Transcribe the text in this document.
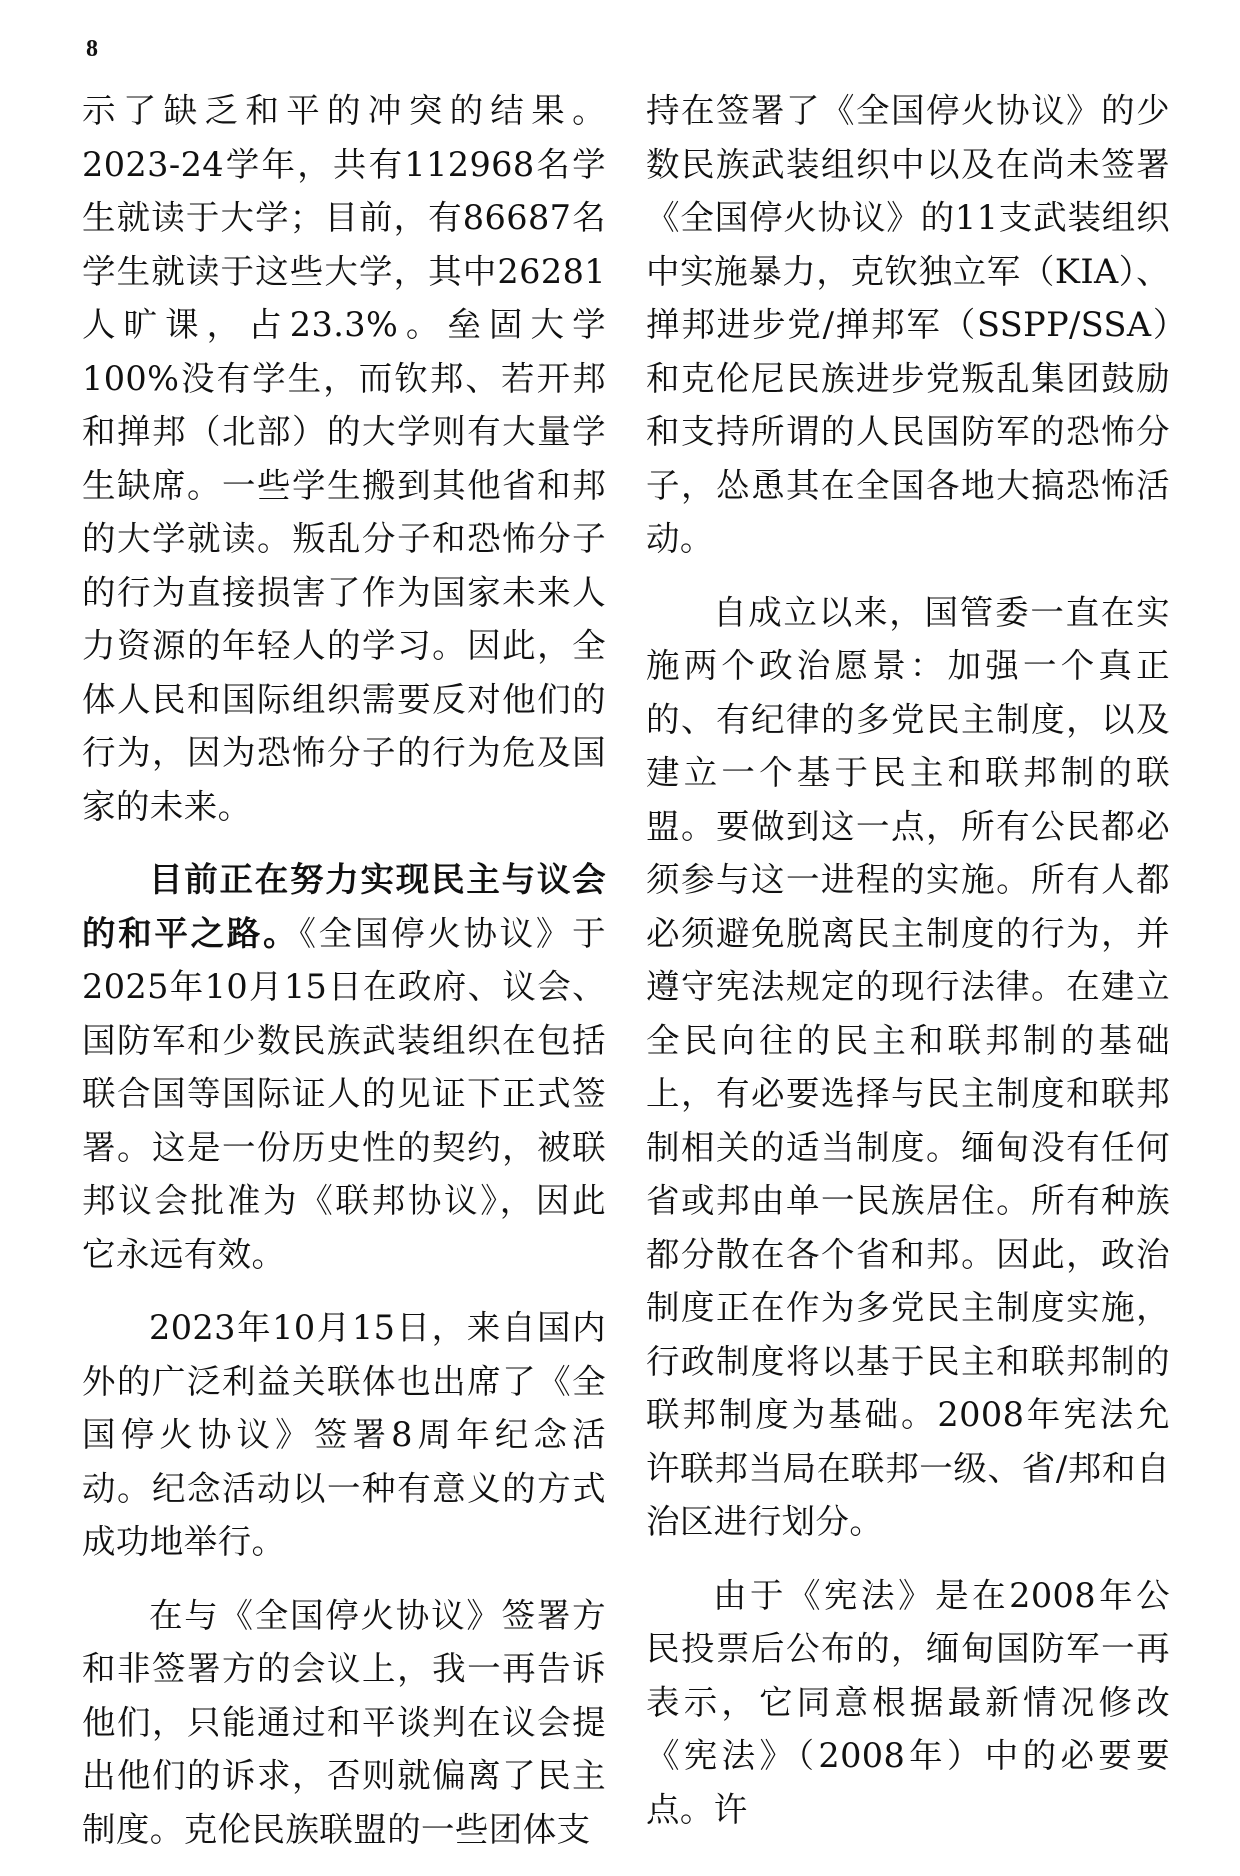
8

示了缺乏和平的冲突的结果。2023-24学年，共有112968名学生就读于大学；目前，有86687名学生就读于这些大学，其中26281人旷课，占23.3%。垒固大学100%没有学生，而钦邦、若开邦和掸邦（北部）的大学则有大量学生缺席。一些学生搬到其他省和邦的大学就读。叛乱分子和恐怖分子的行为直接损害了作为国家未来人力资源的年轻人的学习。因此，全体人民和国际组织需要反对他们的行为，因为恐怖分子的行为危及国家的未来。

目前正在努力实现民主与议会的和平之路。《全国停火协议》于2025年10月15日在政府、议会、国防军和少数民族武装组织在包括联合国等国际证人的见证下正式签署。这是一份历史性的契约，被联邦议会批准为《联邦协议》，因此它永远有效。

2023年10月15日，来自国内外的广泛利益关联体也出席了《全国停火协议》签署8周年纪念活动。纪念活动以一种有意义的方式成功地举行。

在与《全国停火协议》签署方和非签署方的会议上，我一再告诉他们，只能通过和平谈判在议会提出他们的诉求，否则就偏离了民主制度。克伦民族联盟的一些团体支

持在签署了《全国停火协议》的少数民族武装组织中以及在尚未签署《全国停火协议》的11支武装组织中实施暴力，克钦独立军（KIA）、掸邦进步党/掸邦军（SSPP/SSA）和克伦尼民族进步党叛乱集团鼓励和支持所谓的人民国防军的恐怖分子，怂恿其在全国各地大搞恐怖活动。

自成立以来，国管委一直在实施两个政治愿景：加强一个真正的、有纪律的多党民主制度，以及建立一个基于民主和联邦制的联盟。要做到这一点，所有公民都必须参与这一进程的实施。所有人都必须避免脱离民主制度的行为，并遵守宪法规定的现行法律。在建立全民向往的民主和联邦制的基础上，有必要选择与民主制度和联邦制相关的适当制度。缅甸没有任何省或邦由单一民族居住。所有种族都分散在各个省和邦。因此，政治制度正在作为多党民主制度实施，行政制度将以基于民主和联邦制的联邦制度为基础。2008年宪法允许联邦当局在联邦一级、省/邦和自治区进行划分。

由于《宪法》是在2008年公民投票后公布的，缅甸国防军一再表示，它同意根据最新情况修改《宪法》（2008年）中的必要要点。许
